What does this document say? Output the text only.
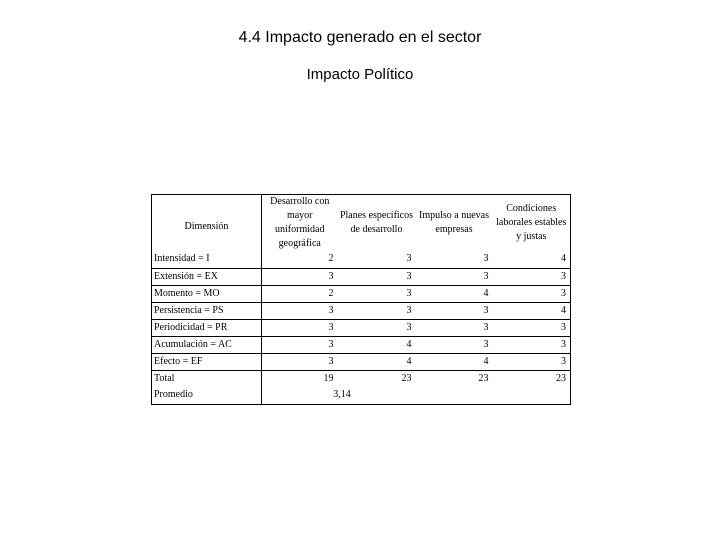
4.4 Impacto generado en el sector
Impacto Político
Dimensión	Desarrollo con mayor uniformidad geográfica	Planes específicos de desarrollo	Impulso a nuevas empresas	Condiciones laborales estables y justas
Intensidad = I	2	3	3	4
Extensión = EX	3	3	3	3
Momento = MO	2	3	4	3
Persistencia = PS	3	3	3	4
Periodicidad = PR	3	3	3	3
Acumulación = AC	3	4	3	3
Efecto = EF	3	4	4	3
Total	19	23	23	23
Promedio	3,14			
